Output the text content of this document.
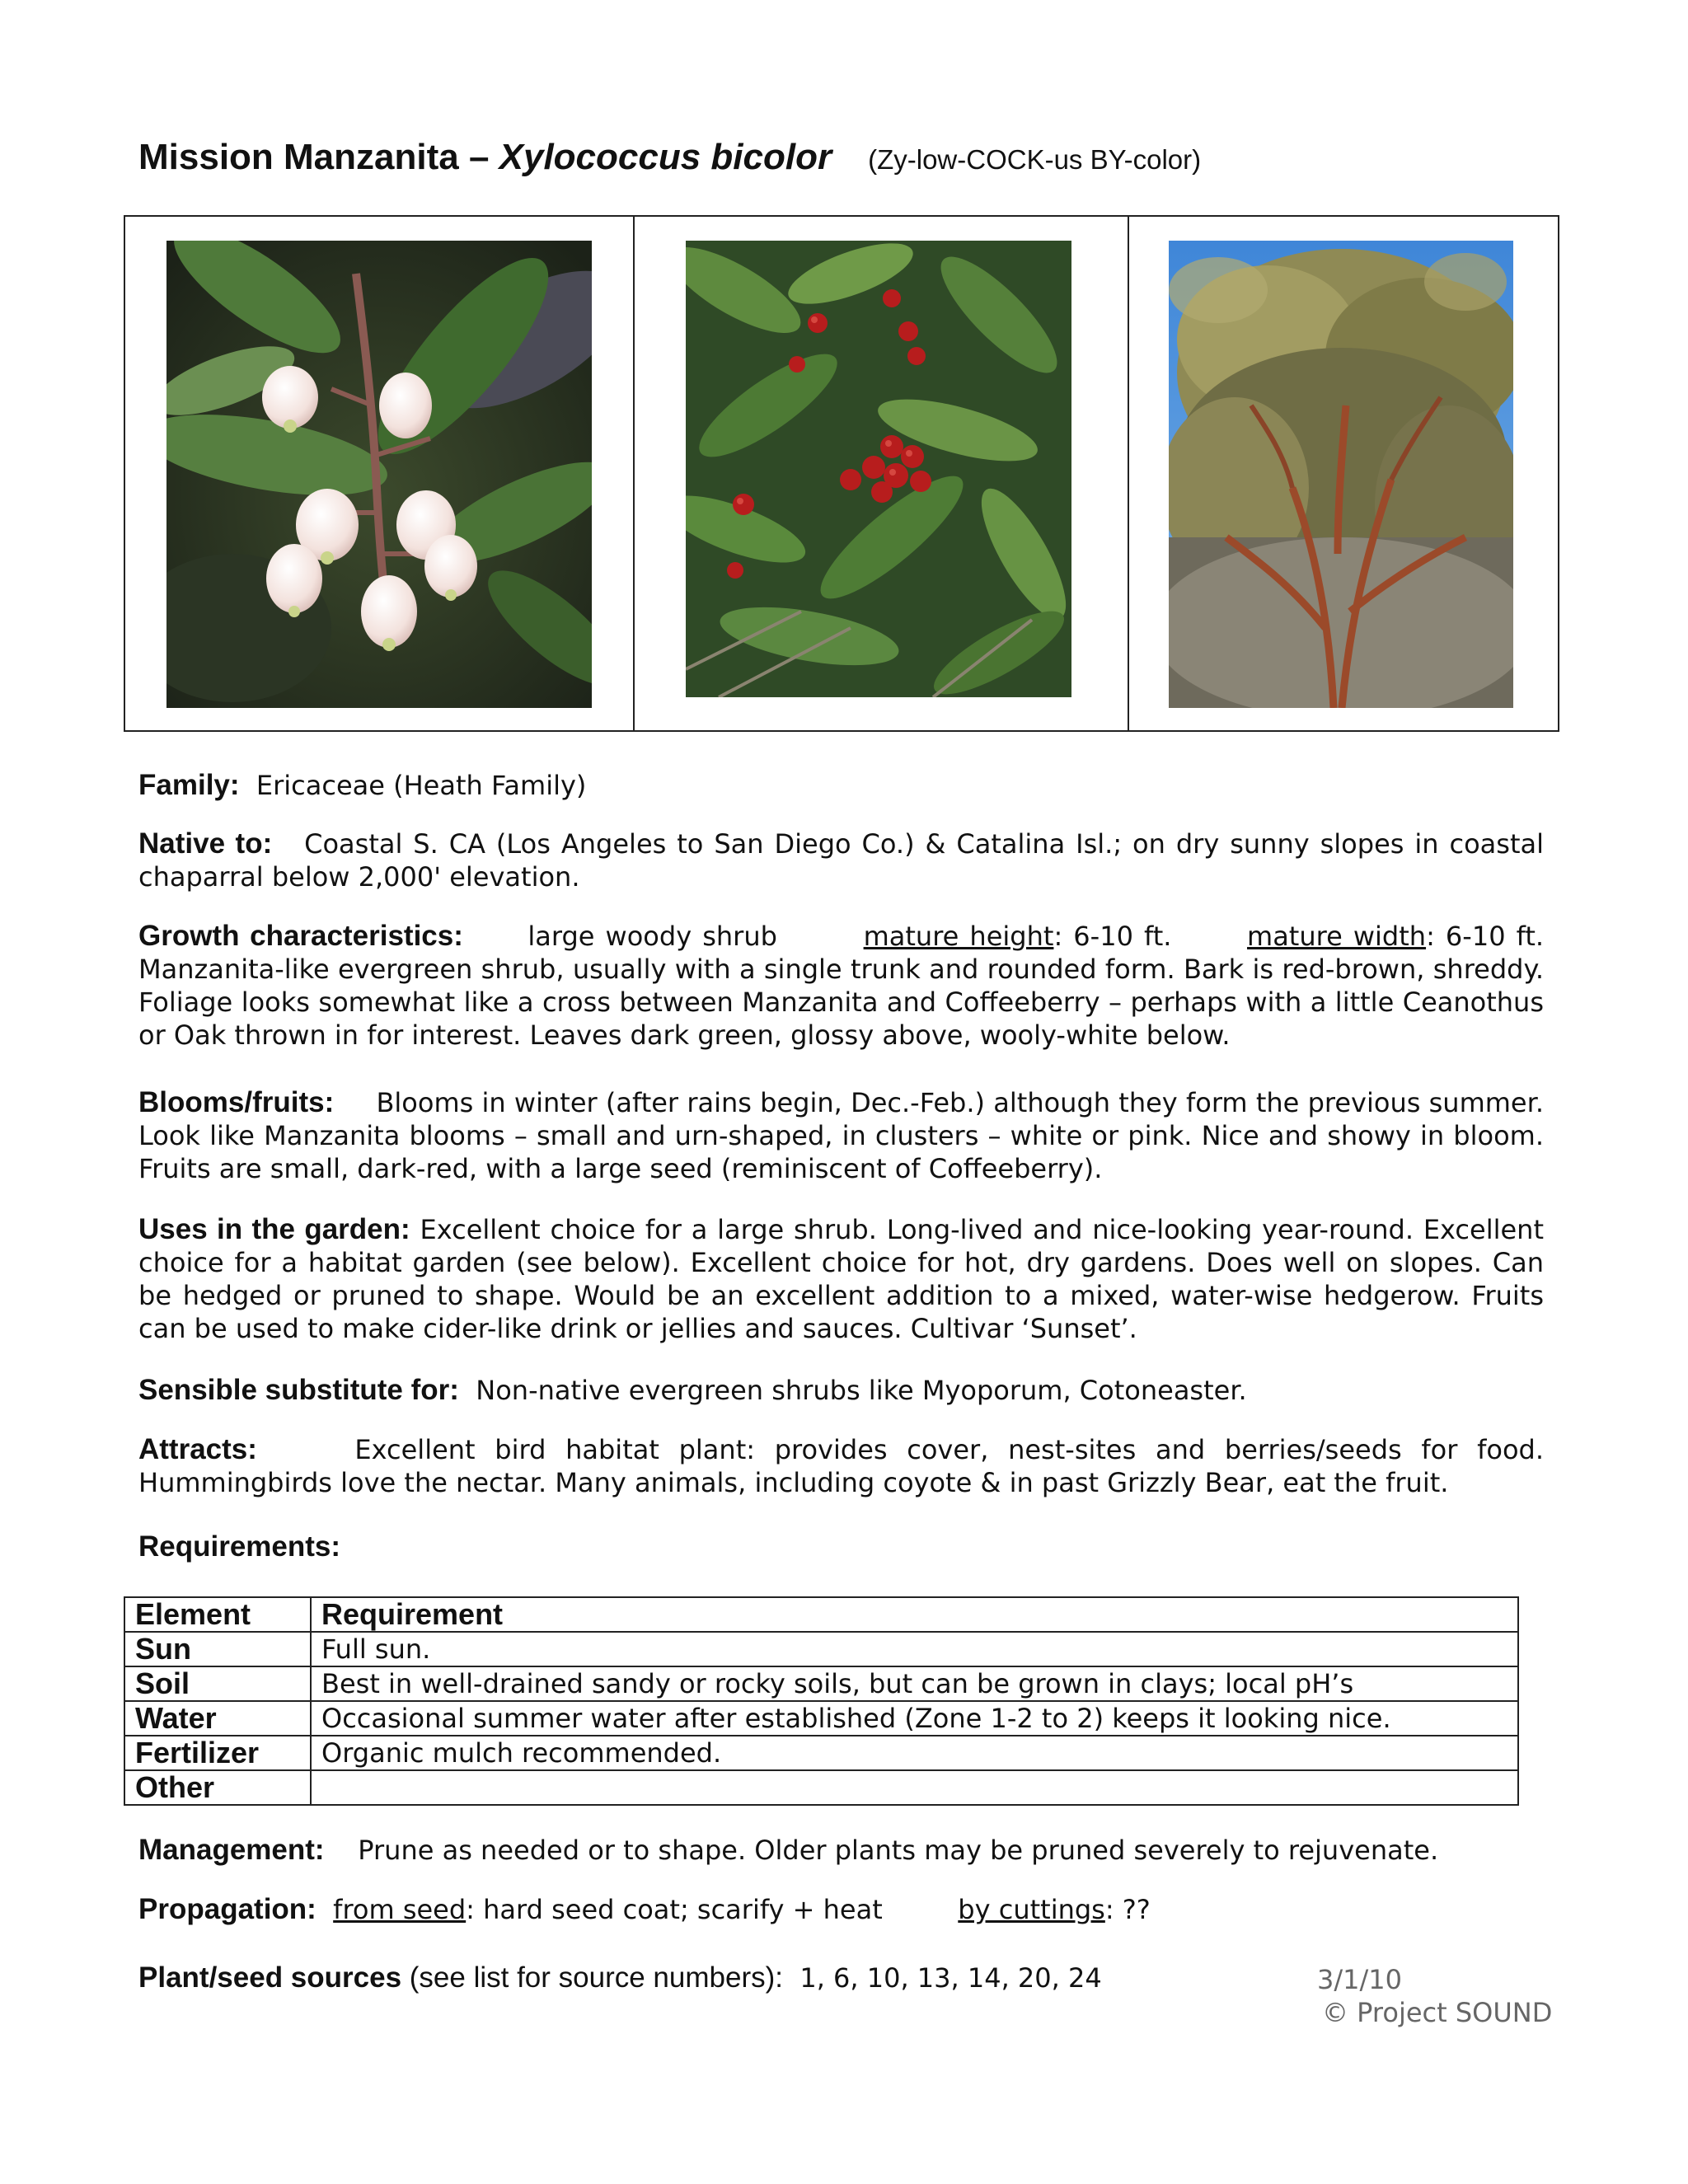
Mission Manzanita – Xylococcus bicolor (Zy-low-COCK-us BY-color)
Family: Ericaceae (Heath Family)
Native to: Coastal S. CA (Los Angeles to San Diego Co.) & Catalina Isl.; on dry sunny slopes in coastal chaparral below 2,000' elevation.
Growth characteristics: large woody shrub	mature height: 6-10 ft.	mature width: 6-10 ft. Manzanita-like evergreen shrub, usually with a single trunk and rounded form. Bark is red-brown, shreddy. Foliage looks somewhat like a cross between Manzanita and Coffeeberry – perhaps with a little Ceanothus or Oak thrown in for interest. Leaves dark green, glossy above, wooly-white below.
Blooms/fruits: Blooms in winter (after rains begin, Dec.-Feb.) although they form the previous summer. Look like Manzanita blooms – small and urn-shaped, in clusters – white or pink. Nice and showy in bloom. Fruits are small, dark-red, with a large seed (reminiscent of Coffeeberry).
Uses in the garden: Excellent choice for a large shrub. Long-lived and nice-looking year-round. Excellent choice for a habitat garden (see below). Excellent choice for hot, dry gardens. Does well on slopes. Can be hedged or pruned to shape. Would be an excellent addition to a mixed, water-wise hedgerow. Fruits can be used to make cider-like drink or jellies and sauces. Cultivar ‘Sunset’.
Sensible substitute for: Non-native evergreen shrubs like Myoporum, Cotoneaster.
Attracts:	Excellent bird habitat plant: provides cover, nest-sites and berries/seeds for food. Hummingbirds love the nectar. Many animals, including coyote & in past Grizzly Bear, eat the fruit.
Requirements:
Element	Requirement
Sun	Full sun.
Soil	Best in well-drained sandy or rocky soils, but can be grown in clays; local pH’s
Water	Occasional summer water after established (Zone 1-2 to 2) keeps it looking nice.
Fertilizer	Organic mulch recommended.
Other	
Management: Prune as needed or to shape. Older plants may be pruned severely to rejuvenate.
Propagation: from seed: hard seed coat; scarify + heat	by cuttings: ??
Plant/seed sources (see list for source numbers): 1, 6, 10, 13, 14, 20, 24	3/1/10
© Project SOUND
